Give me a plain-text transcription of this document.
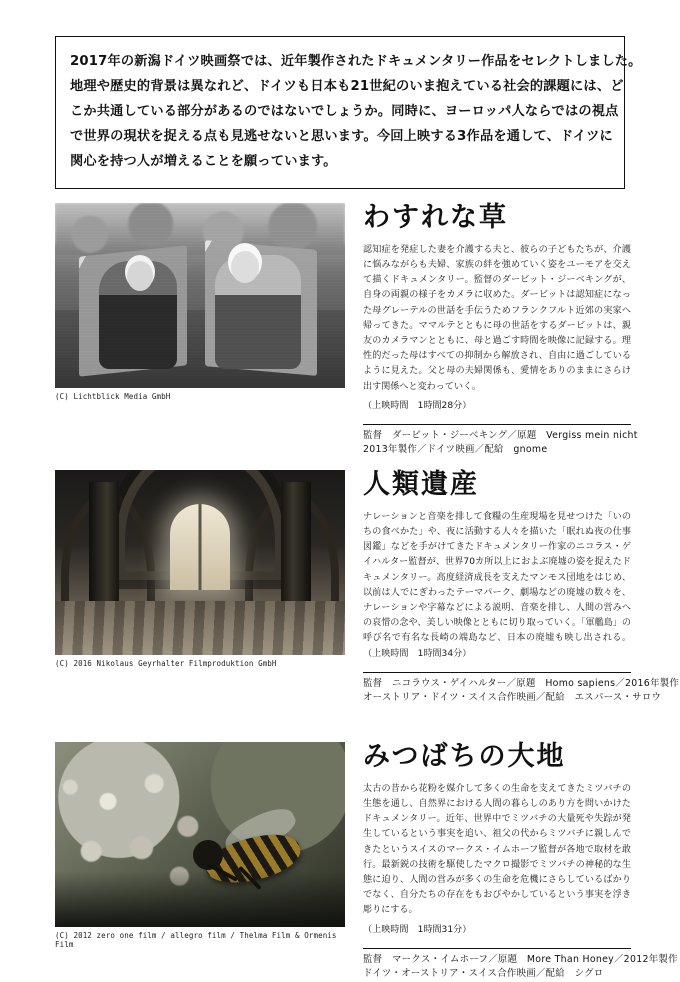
2017年の新潟ドイツ映画祭では、近年製作されたドキュメンタリー作品をセレクトしました。
地理や歴史的背景は異なれど、ドイツも日本も21世紀のいま抱えている社会的課題には、ど
こか共通している部分があるのではないでしょうか。同時に、ヨーロッパ人ならではの視点
で世界の現状を捉える点も見逃せないと思います。今回上映する3作品を通して、ドイツに
関心を持つ人が増えることを願っています。
(C) Lichtblick Media GmbH
わすれな草
認知症を発症した妻を介護する夫と、彼らの子どもたちが、介護に悩みながらも夫婦、家族の絆を強めていく姿をユーモアを交えて描くドキュメンタリー。監督のダービット・ジーベキングが、自身の両親の様子をカメラに収めた。ダービットは認知症になった母グレーテルの世話を手伝うためフランクフルト近郊の実家へ帰ってきた。ママルテとともに母の世話をするダービットは、親友のカメラマンとともに、母と過ごす時間を映像に記録する。理性的だった母はすべての抑制から解放され、自由に過ごしているように見えた。父と母の夫婦関係も、愛情をありのままにさらけ出す関係へと変わっていく。
（上映時間　1時間28分）
監督　ダービット・ジーベキング／原題　Vergiss mein nicht
2013年製作／ドイツ映画／配給　gnome
(C) 2016 Nikolaus Geyrhalter Filmproduktion GmbH
人類遺産
ナレーションと音楽を排して食糧の生産現場を見せつけた「いのちの食べかた」や、夜に活動する人々を描いた「眠れぬ夜の仕事図鑑」などを手がけてきたドキュメンタリー作家のニコラス・ゲイハルター監督が、世界70カ所以上におよぶ廃墟の姿を捉えたドキュメンタリー。高度経済成長を支えたマンモス団地をはじめ、以前は人でにぎわったテーマパーク、劇場などの廃墟の数々を、ナレーションや字幕などによる説明、音楽を排し、人間の営みへの哀惜の念や、美しい映像とともに切り取っていく。「軍艦島」の呼び名で有名な長崎の端島など、日本の廃墟も映し出される。（上映時間　1時間34分）
監督　ニコラウス・ゲイハルター／原題　Homo sapiens／2016年製作
オーストリア・ドイツ・スイス合作映画／配給　エスパース・サロウ
(C) 2012 zero one film / allegro film / Thelma Film & Ormenis Film
みつばちの大地
太古の昔から花粉を媒介して多くの生命を支えてきたミツバチの生態を通し、自然界における人間の暮らしのあり方を問いかけたドキュメンタリー。近年、世界中でミツバチの大量死や失踪が発生しているという事実を追い、祖父の代からミツバチに親しんできたというスイスのマークス・イムホーフ監督が各地で取材を敢行。最新鋭の技術を駆使したマクロ撮影でミツバチの神秘的な生態に迫り、人間の営みが多くの生命を危機にさらしているばかりでなく、自分たちの存在をもおびやかしているという事実を浮き彫りにする。
（上映時間　1時間31分）
監督　マークス・イムホーフ／原題　More Than Honey／2012年製作
ドイツ・オーストリア・スイス合作映画／配給　シグロ
